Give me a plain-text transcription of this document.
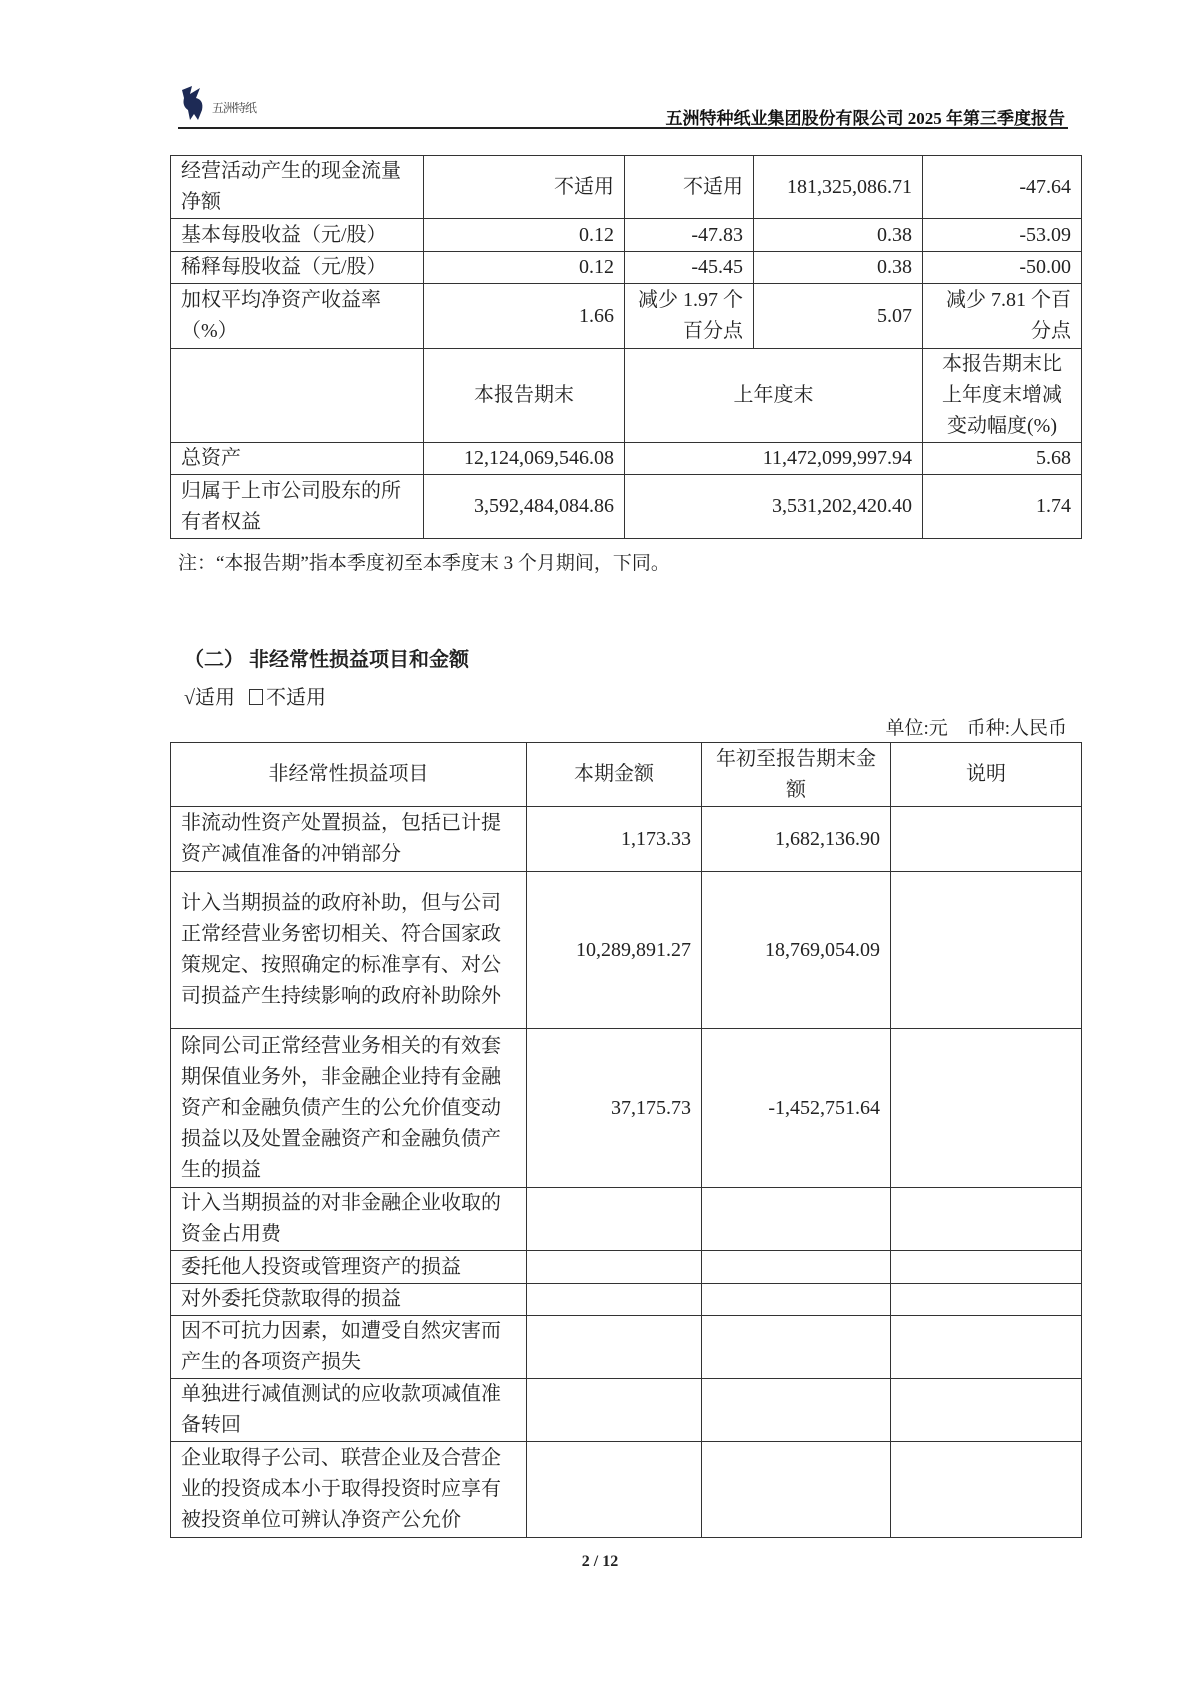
五洲特纸
五洲特种纸业集团股份有限公司 2025 年第三季度报告
经营活动产生的现金流量净额	不适用	不适用	181,325,086.71	-47.64
基本每股收益（元/股）	0.12	-47.83	0.38	-53.09
稀释每股收益（元/股）	0.12	-45.45	0.38	-50.00
加权平均净资产收益率（%）	1.66	减少 1.97 个百分点	5.07	减少 7.81 个百分点
	本报告期末	上年度末		本报告期末比上年度末增减变动幅度(%)
总资产	12,124,069,546.08	11,472,099,997.94		5.68
归属于上市公司股东的所有者权益	3,592,484,084.86	3,531,202,420.40		1.74
注：“本报告期”指本季度初至本季度末 3 个月期间，下同。
（二） 非经常性损益项目和金额
√适用 不适用
单位:元　币种:人民币
非经常性损益项目	本期金额	年初至报告期末金额	说明
非流动性资产处置损益，包括已计提资产减值准备的冲销部分	1,173.33	1,682,136.90	
计入当期损益的政府补助，但与公司正常经营业务密切相关、符合国家政策规定、按照确定的标准享有、对公司损益产生持续影响的政府补助除外	10,289,891.27	18,769,054.09	
除同公司正常经营业务相关的有效套期保值业务外，非金融企业持有金融资产和金融负债产生的公允价值变动损益以及处置金融资产和金融负债产生的损益	37,175.73	-1,452,751.64	
计入当期损益的对非金融企业收取的资金占用费			
委托他人投资或管理资产的损益			
对外委托贷款取得的损益			
因不可抗力因素，如遭受自然灾害而产生的各项资产损失			
单独进行减值测试的应收款项减值准备转回			
企业取得子公司、联营企业及合营企业的投资成本小于取得投资时应享有被投资单位可辨认净资产公允价			
2 / 12
